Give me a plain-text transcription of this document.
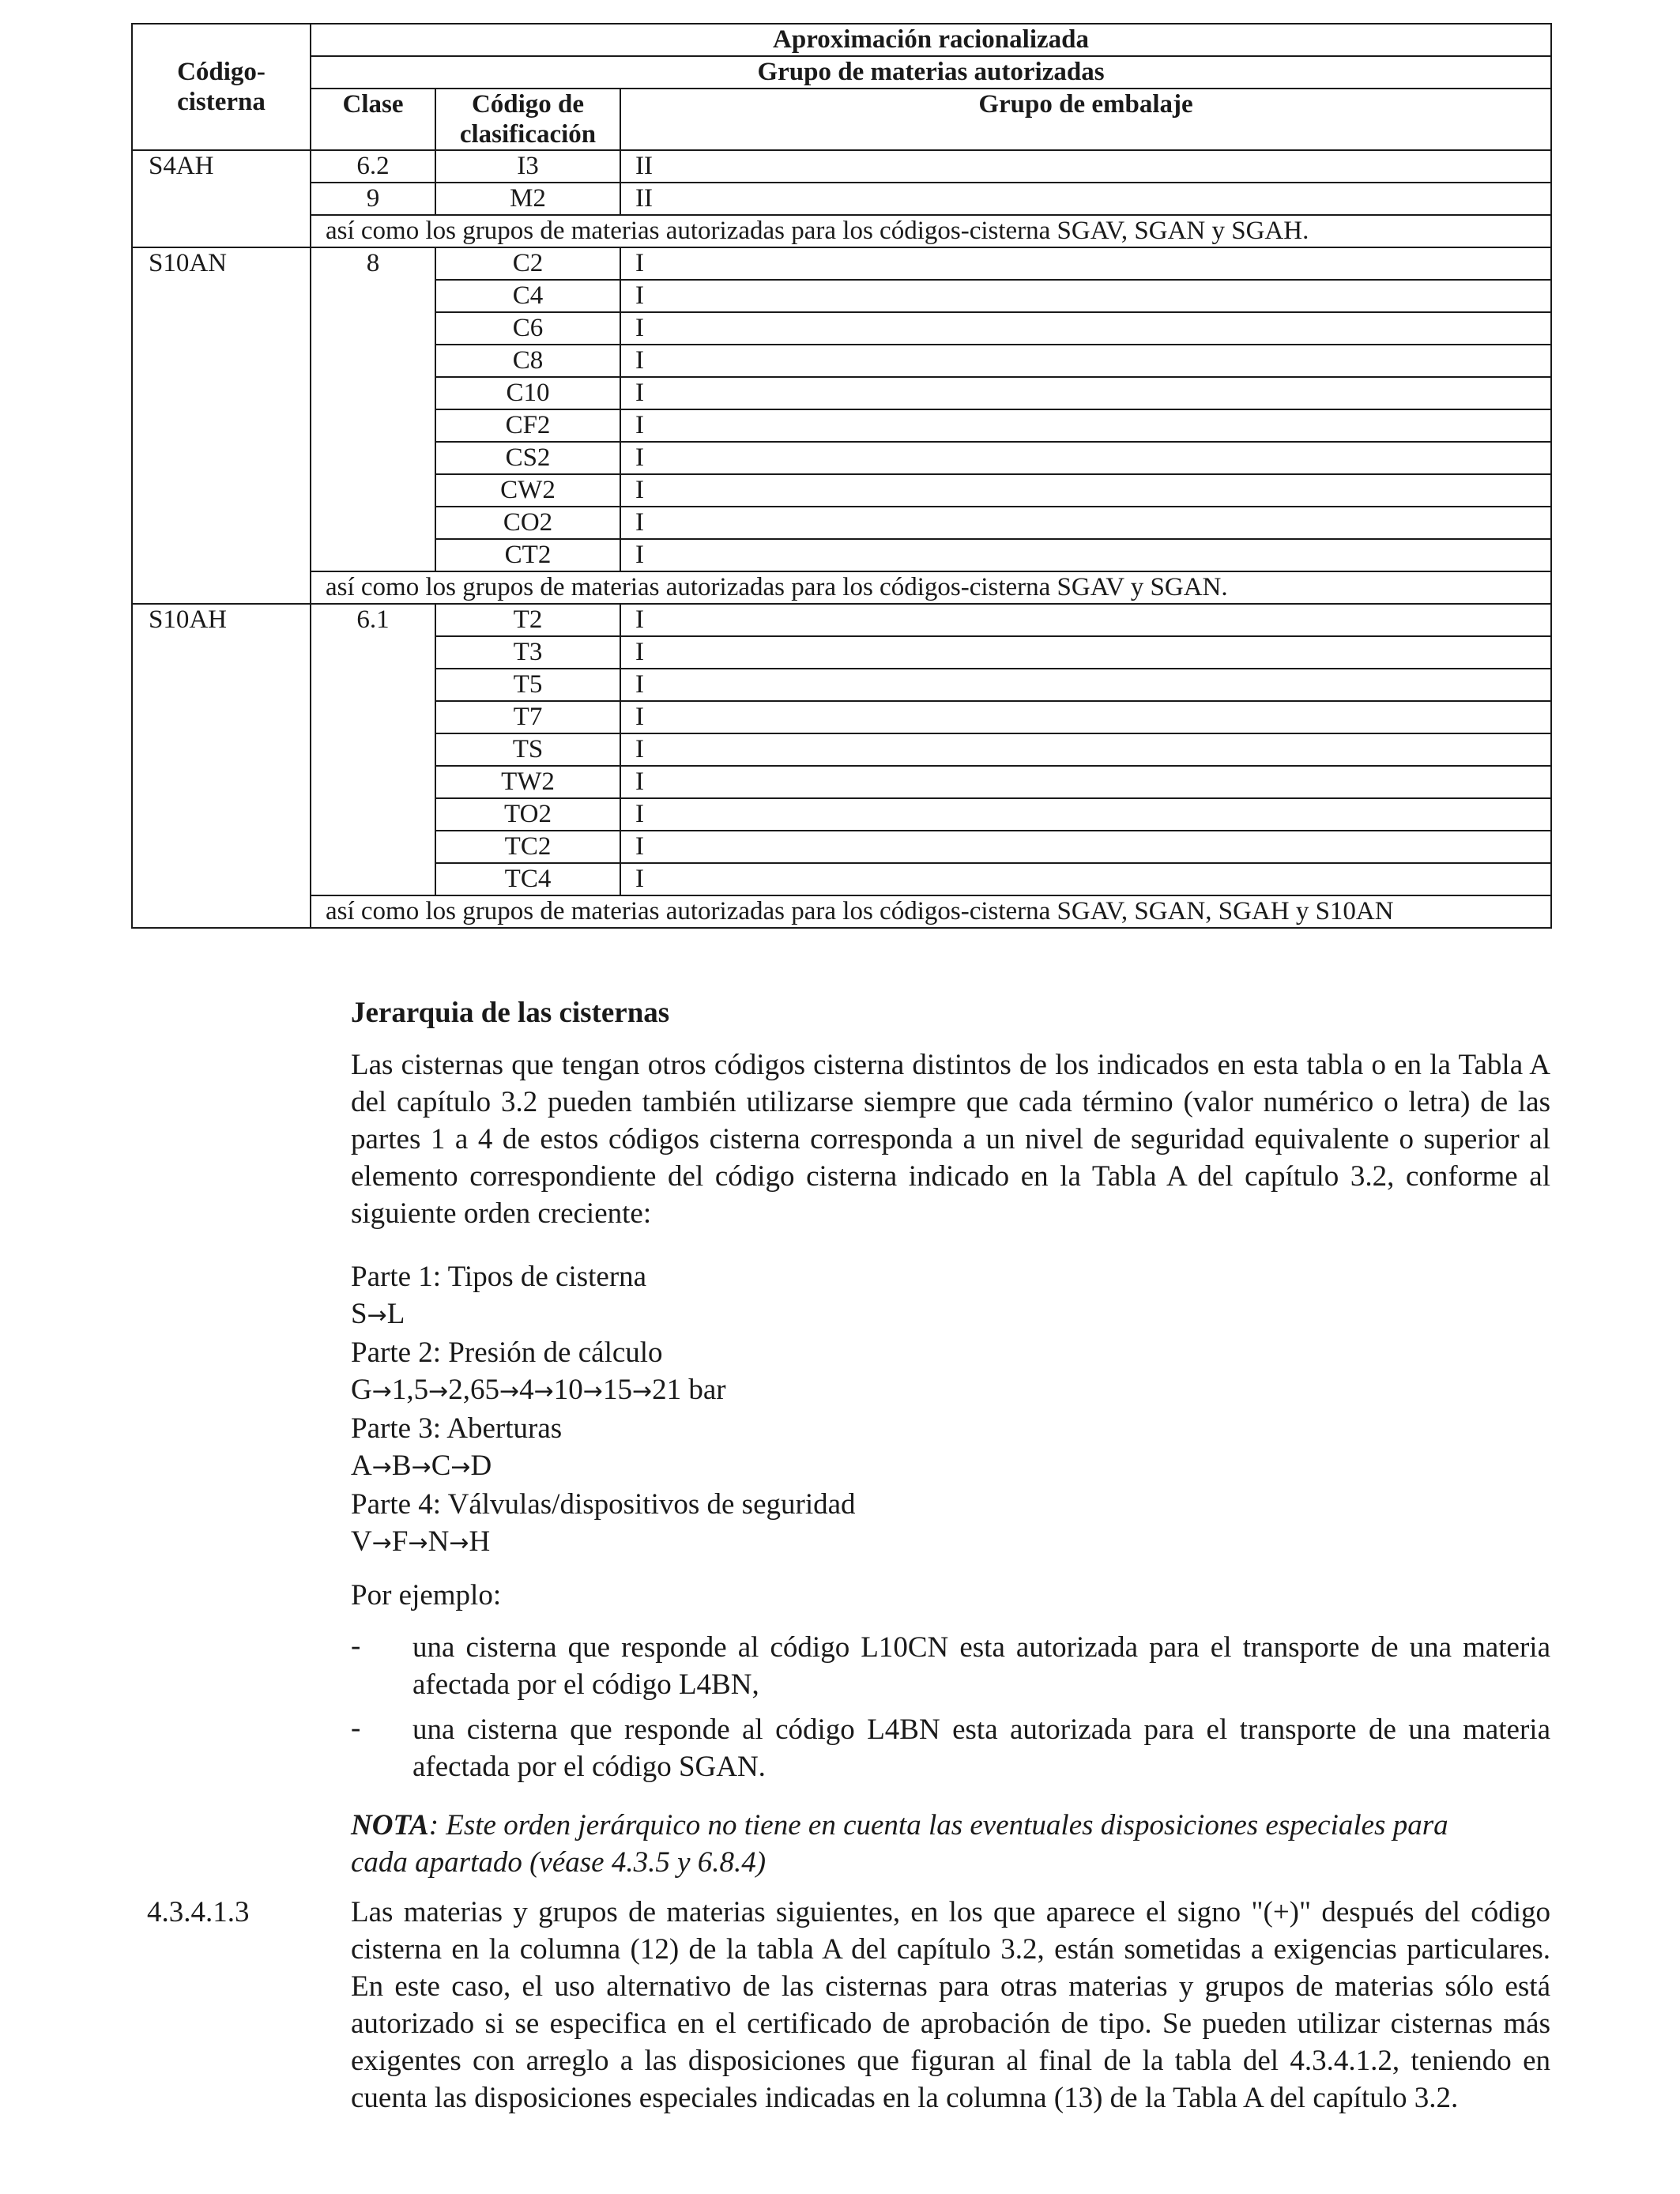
Código-cisterna	Aproximación racionalizada		
	Grupo de materias autorizadas		
	Clase	Código de clasificación	Grupo de embalaje
S4AH	6.2	I3	II
	9	M2	II
	así como los grupos de materias autorizadas para los códigos-cisterna SGAV, SGAN y SGAH.		
S10AN	8	C2	I
		C4	I
		C6	I
		C8	I
		C10	I
		CF2	I
		CS2	I
		CW2	I
		CO2	I
		CT2	I
	así como los grupos de materias autorizadas para los códigos-cisterna SGAV y SGAN.		
S10AH	6.1	T2	I
		T3	I
		T5	I
		T7	I
		TS	I
		TW2	I
		TO2	I
		TC2	I
		TC4	I
	así como los grupos de materias autorizadas para los códigos-cisterna SGAV, SGAN, SGAH y S10AN		
Jerarquia de las cisternas
Las cisternas que tengan otros códigos cisterna distintos de los indicados en esta tabla o en la Tabla A del capítulo 3.2 pueden también utilizarse siempre que cada término (valor numérico o letra) de las partes 1 a 4 de estos códigos cisterna corresponda a un nivel de seguridad equivalente o superior al elemento correspondiente del código cisterna indicado en la Tabla A del capítulo 3.2, conforme al siguiente orden creciente:
Parte 1: Tipos de cisterna
S→L
Parte 2: Presión de cálculo
G→1,5→2,65→4→10→15→21 bar
Parte 3: Aberturas
A→B→C→D
Parte 4: Válvulas/dispositivos de seguridad
V→F→N→H
Por ejemplo:
- una cisterna que responde al código L10CN esta autorizada para el transporte de una materia afectada por el código L4BN,
- una cisterna que responde al código L4BN esta autorizada para el transporte de una materia afectada por el código SGAN.
NOTA: Este orden jerárquico no tiene en cuenta las eventuales disposiciones especiales para cada apartado (véase 4.3.5 y 6.8.4)
4.3.4.1.3	Las materias y grupos de materias siguientes, en los que aparece el signo "(+)" después del código cisterna en la columna (12) de la tabla A del capítulo 3.2, están sometidas a exigencias particulares. En este caso, el uso alternativo de las cisternas para otras materias y grupos de materias sólo está autorizado si se especifica en el certificado de aprobación de tipo. Se pueden utilizar cisternas más exigentes con arreglo a las disposiciones que figuran al final de la tabla del 4.3.4.1.2, teniendo en cuenta las disposiciones especiales indicadas en la columna (13) de la Tabla A del capítulo 3.2.
